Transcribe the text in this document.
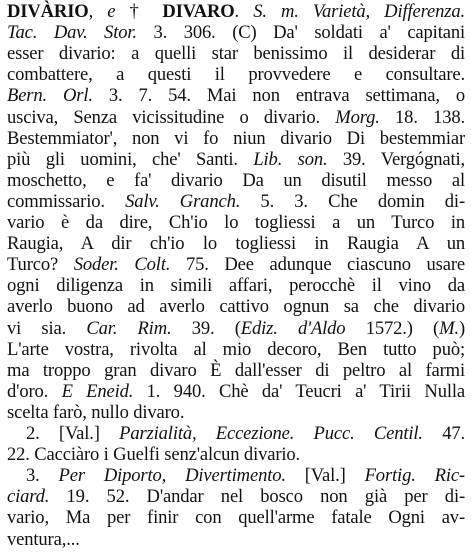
DIVÀRIO, e † DIVARO. S. m. Varietà, Differenza.
Tac. Dav. Stor. 3. 306. (C) Da' soldati a' capitani
esser divario: a quelli star benissimo il desiderar di
combattere, a questi il provvedere e consultare.
Bern. Orl. 3. 7. 54. Mai non entrava settimana, o
usciva, Senza vicissitudine o divario. Morg. 18. 138.
Bestemmiator', non vi fo niun divario Di bestemmiar
più gli uomini, che' Santi. Lib. son. 39. Vergógnati,
moschetto, e fa' divario Da un disutil messo al
commissario. Salv. Granch. 5. 3. Che domin di-
vario è da dire, Ch'io lo togliessi a un Turco in
Raugia, A dir ch'io lo togliessi in Raugia A un
Turco? Soder. Colt. 75. Dee adunque ciascuno usare
ogni diligenza in simili affari, perocchè il vino da
averlo buono ad averlo cattivo ognun sa che divario
vi sia. Car. Rim. 39. (Ediz. d'Aldo 1572.) (M.)
L'arte vostra, rivolta al mio decoro, Ben tutto può;
ma troppo gran divaro È dall'esser di peltro al farmi
d'oro. E Eneid. 1. 940. Chè da' Teucri a' Tirii Nulla
scelta farò, nullo divaro.
2. [Val.] Parzialità, Eccezione. Pucc. Centil. 47.
22. Cacciàro i Guelfi senz'alcun divario.
3. Per Diporto, Divertimento. [Val.] Fortig. Ric-
ciard. 19. 52. D'andar nel bosco non già per di-
vario, Ma per finir con quell'arme fatale Ogni av-
ventura,...
